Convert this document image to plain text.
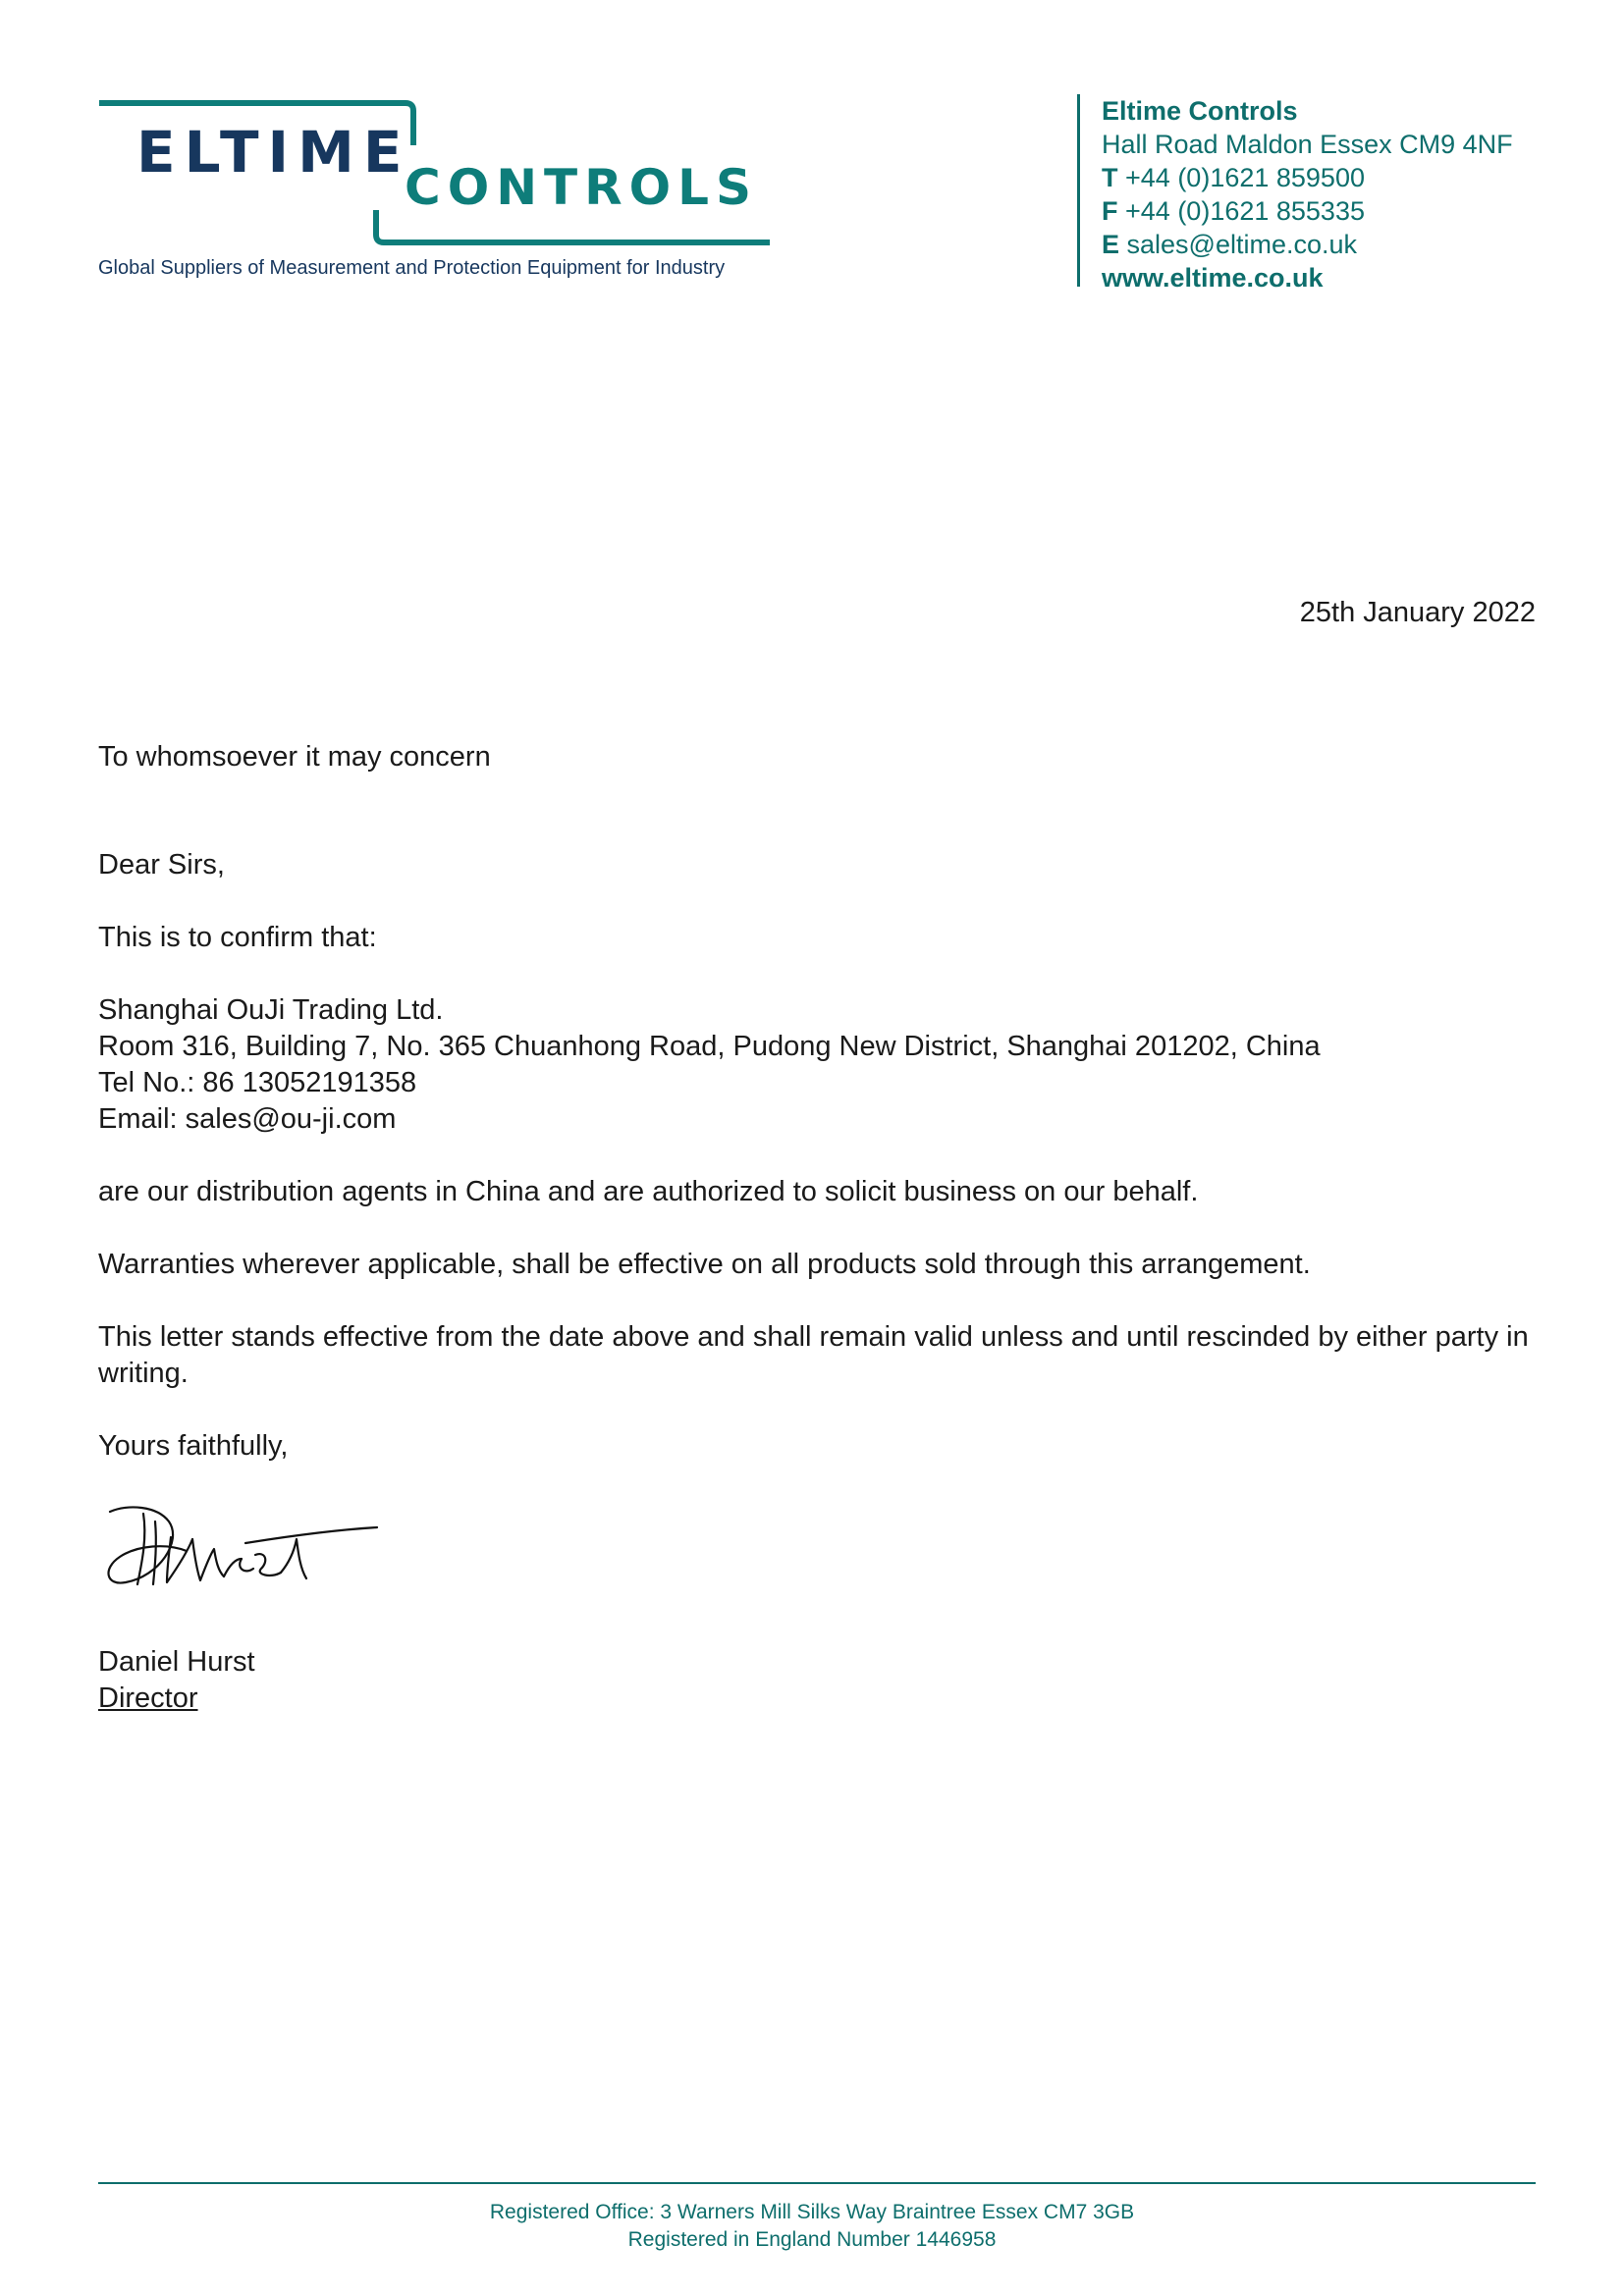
ELTIME
CONTROLS
Global Suppliers of Measurement and Protection Equipment for Industry
Eltime Controls
Hall Road Maldon Essex CM9 4NF
T +44 (0)1621 859500
F +44 (0)1621 855335
E sales@eltime.co.uk
www.eltime.co.uk
25th January 2022
To whomsoever it may concern
Dear Sirs,
This is to confirm that:
Shanghai OuJi Trading Ltd.
Room 316, Building 7, No. 365 Chuanhong Road, Pudong New District, Shanghai 201202, China
Tel No.: 86 13052191358
Email: sales@ou-ji.com
are our distribution agents in China and are authorized to solicit business on our behalf.
Warranties wherever applicable, shall be effective on all products sold through this arrangement.
This letter stands effective from the date above and shall remain valid unless and until rescinded by either party in writing.
Yours faithfully,
Daniel Hurst
Director
Registered Office: 3 Warners Mill Silks Way Braintree Essex CM7 3GB
Registered in England Number 1446958
